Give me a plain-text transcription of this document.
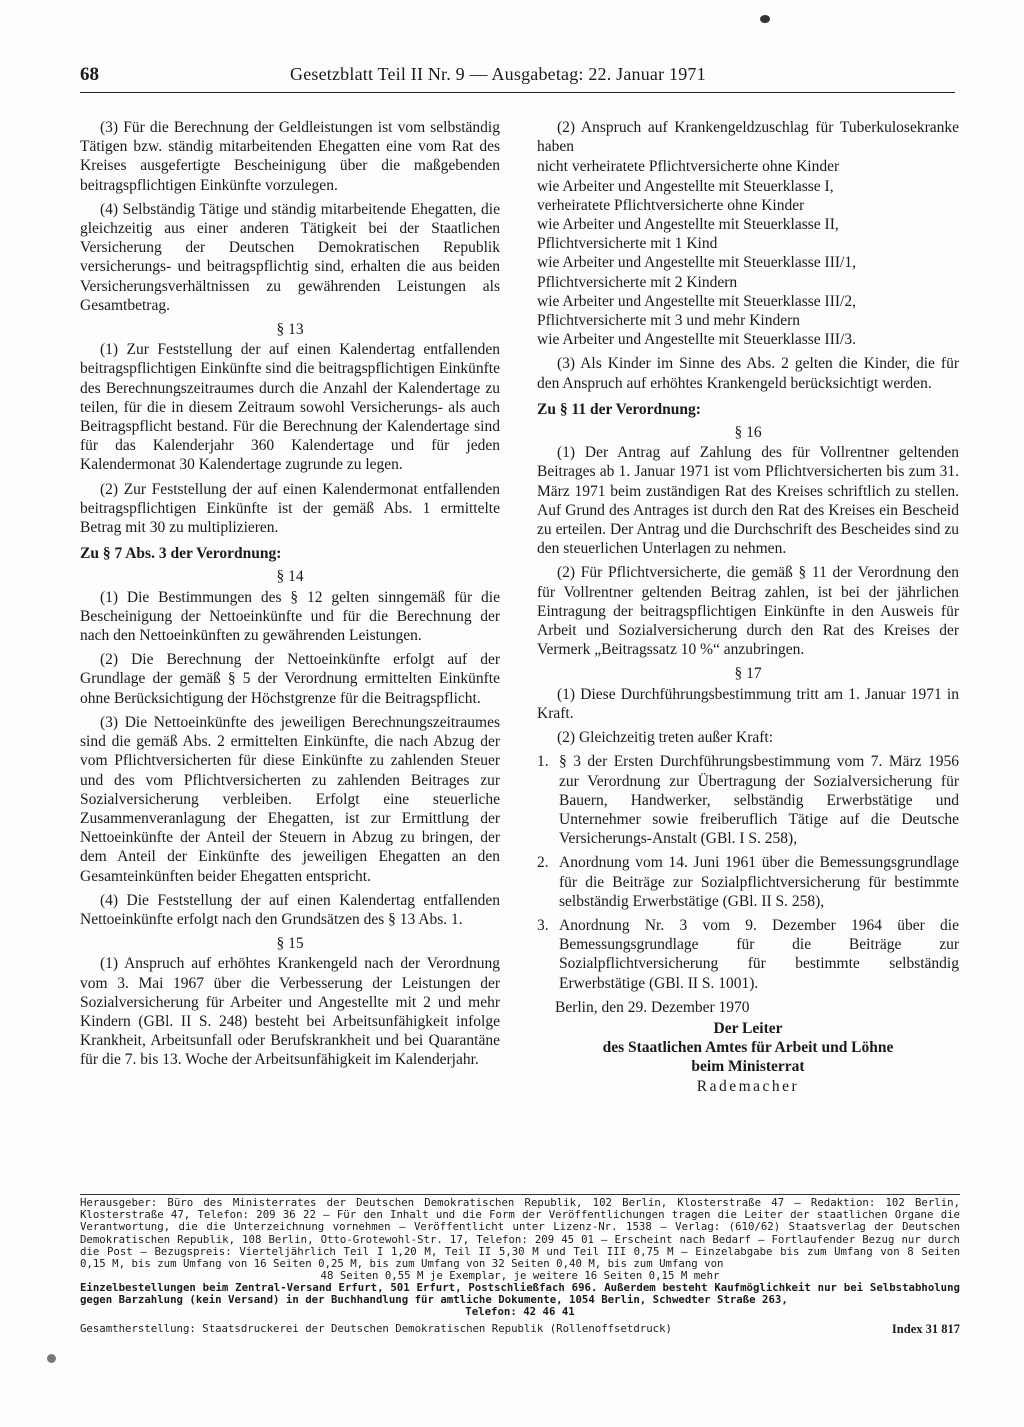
68	Gesetzblatt Teil II Nr. 9 — Ausgabetag: 22. Januar 1971

(3) Für die Berechnung der Geldleistungen ist vom selbständig Tätigen bzw. ständig mitarbeitenden Ehegatten eine vom Rat des Kreises ausgefertigte Bescheinigung über die maßgebenden beitragspflichtigen Einkünfte vorzulegen.

(4) Selbständig Tätige und ständig mitarbeitende Ehegatten, die gleichzeitig aus einer anderen Tätigkeit bei der Staatlichen Versicherung der Deutschen Demokratischen Republik versicherungs- und beitragspflichtig sind, erhalten die aus beiden Versicherungsverhältnissen zu gewährenden Leistungen als Gesamtbetrag.

§ 13

(1) Zur Feststellung der auf einen Kalendertag entfallenden beitragspflichtigen Einkünfte sind die beitragspflichtigen Einkünfte des Berechnungszeitraumes durch die Anzahl der Kalendertage zu teilen, für die in diesem Zeitraum sowohl Versicherungs- als auch Beitragspflicht bestand. Für die Berechnung der Kalendertage sind für das Kalenderjahr 360 Kalendertage und für jeden Kalendermonat 30 Kalendertage zugrunde zu legen.

(2) Zur Feststellung der auf einen Kalendermonat entfallenden beitragspflichtigen Einkünfte ist der gemäß Abs. 1 ermittelte Betrag mit 30 zu multiplizieren.

Zu § 7 Abs. 3 der Verordnung:
§ 14

(1) Die Bestimmungen des § 12 gelten sinngemäß für die Bescheinigung der Nettoeinkünfte und für die Berechnung der nach den Nettoeinkünften zu gewährenden Leistungen.

(2) Die Berechnung der Nettoeinkünfte erfolgt auf der Grundlage der gemäß § 5 der Verordnung ermittelten Einkünfte ohne Berücksichtigung der Höchstgrenze für die Beitragspflicht.

(3) Die Nettoeinkünfte des jeweiligen Berechnungszeitraumes sind die gemäß Abs. 2 ermittelten Einkünfte, die nach Abzug der vom Pflichtversicherten für diese Einkünfte zu zahlenden Steuer und des vom Pflichtversicherten zu zahlenden Beitrages zur Sozialversicherung verbleiben. Erfolgt eine steuerliche Zusammenveranlagung der Ehegatten, ist zur Ermittlung der Nettoeinkünfte der Anteil der Steuern in Abzug zu bringen, der dem Anteil der Einkünfte des jeweiligen Ehegatten an den Gesamteinkünften beider Ehegatten entspricht.

(4) Die Feststellung der auf einen Kalendertag entfallenden Nettoeinkünfte erfolgt nach den Grundsätzen des § 13 Abs. 1.

§ 15

(1) Anspruch auf erhöhtes Krankengeld nach der Verordnung vom 3. Mai 1967 über die Verbesserung der Leistungen der Sozialversicherung für Arbeiter und Angestellte mit 2 und mehr Kindern (GBl. II S. 248) besteht bei Arbeitsunfähigkeit infolge Krankheit, Arbeitsunfall oder Berufskrankheit und bei Quarantäne für die 7. bis 13. Woche der Arbeitsunfähigkeit im Kalenderjahr.

(2) Anspruch auf Krankengeldzuschlag für Tuberkulosekranke haben

nicht verheiratete Pflichtversicherte ohne Kinder
wie Arbeiter und Angestellte mit Steuerklasse I,
verheiratete Pflichtversicherte ohne Kinder
wie Arbeiter und Angestellte mit Steuerklasse II,
Pflichtversicherte mit 1 Kind
wie Arbeiter und Angestellte mit Steuerklasse III/1,
Pflichtversicherte mit 2 Kindern
wie Arbeiter und Angestellte mit Steuerklasse III/2,
Pflichtversicherte mit 3 und mehr Kindern
wie Arbeiter und Angestellte mit Steuerklasse III/3.

(3) Als Kinder im Sinne des Abs. 2 gelten die Kinder, die für den Anspruch auf erhöhtes Krankengeld berücksichtigt werden.

Zu § 11 der Verordnung:
§ 16

(1) Der Antrag auf Zahlung des für Vollrentner geltenden Beitrages ab 1. Januar 1971 ist vom Pflichtversicherten bis zum 31. März 1971 beim zuständigen Rat des Kreises schriftlich zu stellen. Auf Grund des Antrages ist durch den Rat des Kreises ein Bescheid zu erteilen. Der Antrag und die Durchschrift des Bescheides sind zu den steuerlichen Unterlagen zu nehmen.

(2) Für Pflichtversicherte, die gemäß § 11 der Verordnung den für Vollrentner geltenden Beitrag zahlen, ist bei der jährlichen Eintragung der beitragspflichtigen Einkünfte in den Ausweis für Arbeit und Sozialversicherung durch den Rat des Kreises der Vermerk „Beitragssatz 10 %“ anzubringen.

§ 17

(1) Diese Durchführungsbestimmung tritt am 1. Januar 1971 in Kraft.

(2) Gleichzeitig treten außer Kraft:

1. § 3 der Ersten Durchführungsbestimmung vom 7. März 1956 zur Verordnung zur Übertragung der Sozialversicherung für Bauern, Handwerker, selbständig Erwerbstätige und Unternehmer sowie freiberuflich Tätige auf die Deutsche Versicherungs-Anstalt (GBl. I S. 258),
2. Anordnung vom 14. Juni 1961 über die Bemessungsgrundlage für die Beiträge zur Sozialpflichtversicherung für bestimmte selbständig Erwerbstätige (GBl. II S. 258),
3. Anordnung Nr. 3 vom 9. Dezember 1964 über die Bemessungsgrundlage für die Beiträge zur Sozialpflichtversicherung für bestimmte selbständig Erwerbstätige (GBl. II S. 1001).
Berlin, den 29. Dezember 1970
Der Leiter
des Staatlichen Amtes für Arbeit und Löhne
beim Ministerrat
Rademacher
Herausgeber: Büro des Ministerrates der Deutschen Demokratischen Republik, 102 Berlin, Klosterstraße 47 — Redaktion: 102 Berlin, Klosterstraße 47, Telefon: 209 36 22 — Für den Inhalt und die Form der Veröffentlichungen tragen die Leiter der staatlichen Organe die Verantwortung, die die Unterzeichnung vornehmen — Veröffentlicht unter Lizenz-Nr. 1538 — Verlag: (610/62) Staatsverlag der Deutschen Demokratischen Republik, 108 Berlin, Otto-Grotewohl-Str. 17, Telefon: 209 45 01 — Erscheint nach Bedarf — Fortlaufender Bezug nur durch die Post — Bezugspreis: Vierteljährlich Teil I 1,20 M, Teil II 5,30 M und Teil III 0,75 M — Einzelabgabe bis zum Umfang von 8 Seiten 0,15 M, bis zum Umfang von 16 Seiten 0,25 M, bis zum Umfang von 32 Seiten 0,40 M, bis zum Umfang von
48 Seiten 0,55 M je Exemplar, je weitere 16 Seiten 0,15 M mehr
Einzelbestellungen beim Zentral-Versand Erfurt, 501 Erfurt, Postschließfach 696. Außerdem besteht Kaufmöglichkeit nur bei Selbstabholung gegen Barzahlung (kein Versand) in der Buchhandlung für amtliche Dokumente, 1054 Berlin, Schwedter Straße 263,
Telefon: 42 46 41
Gesamtherstellung: Staatsdruckerei der Deutschen Demokratischen Republik (Rollenoffsetdruck)	Index 31 817
